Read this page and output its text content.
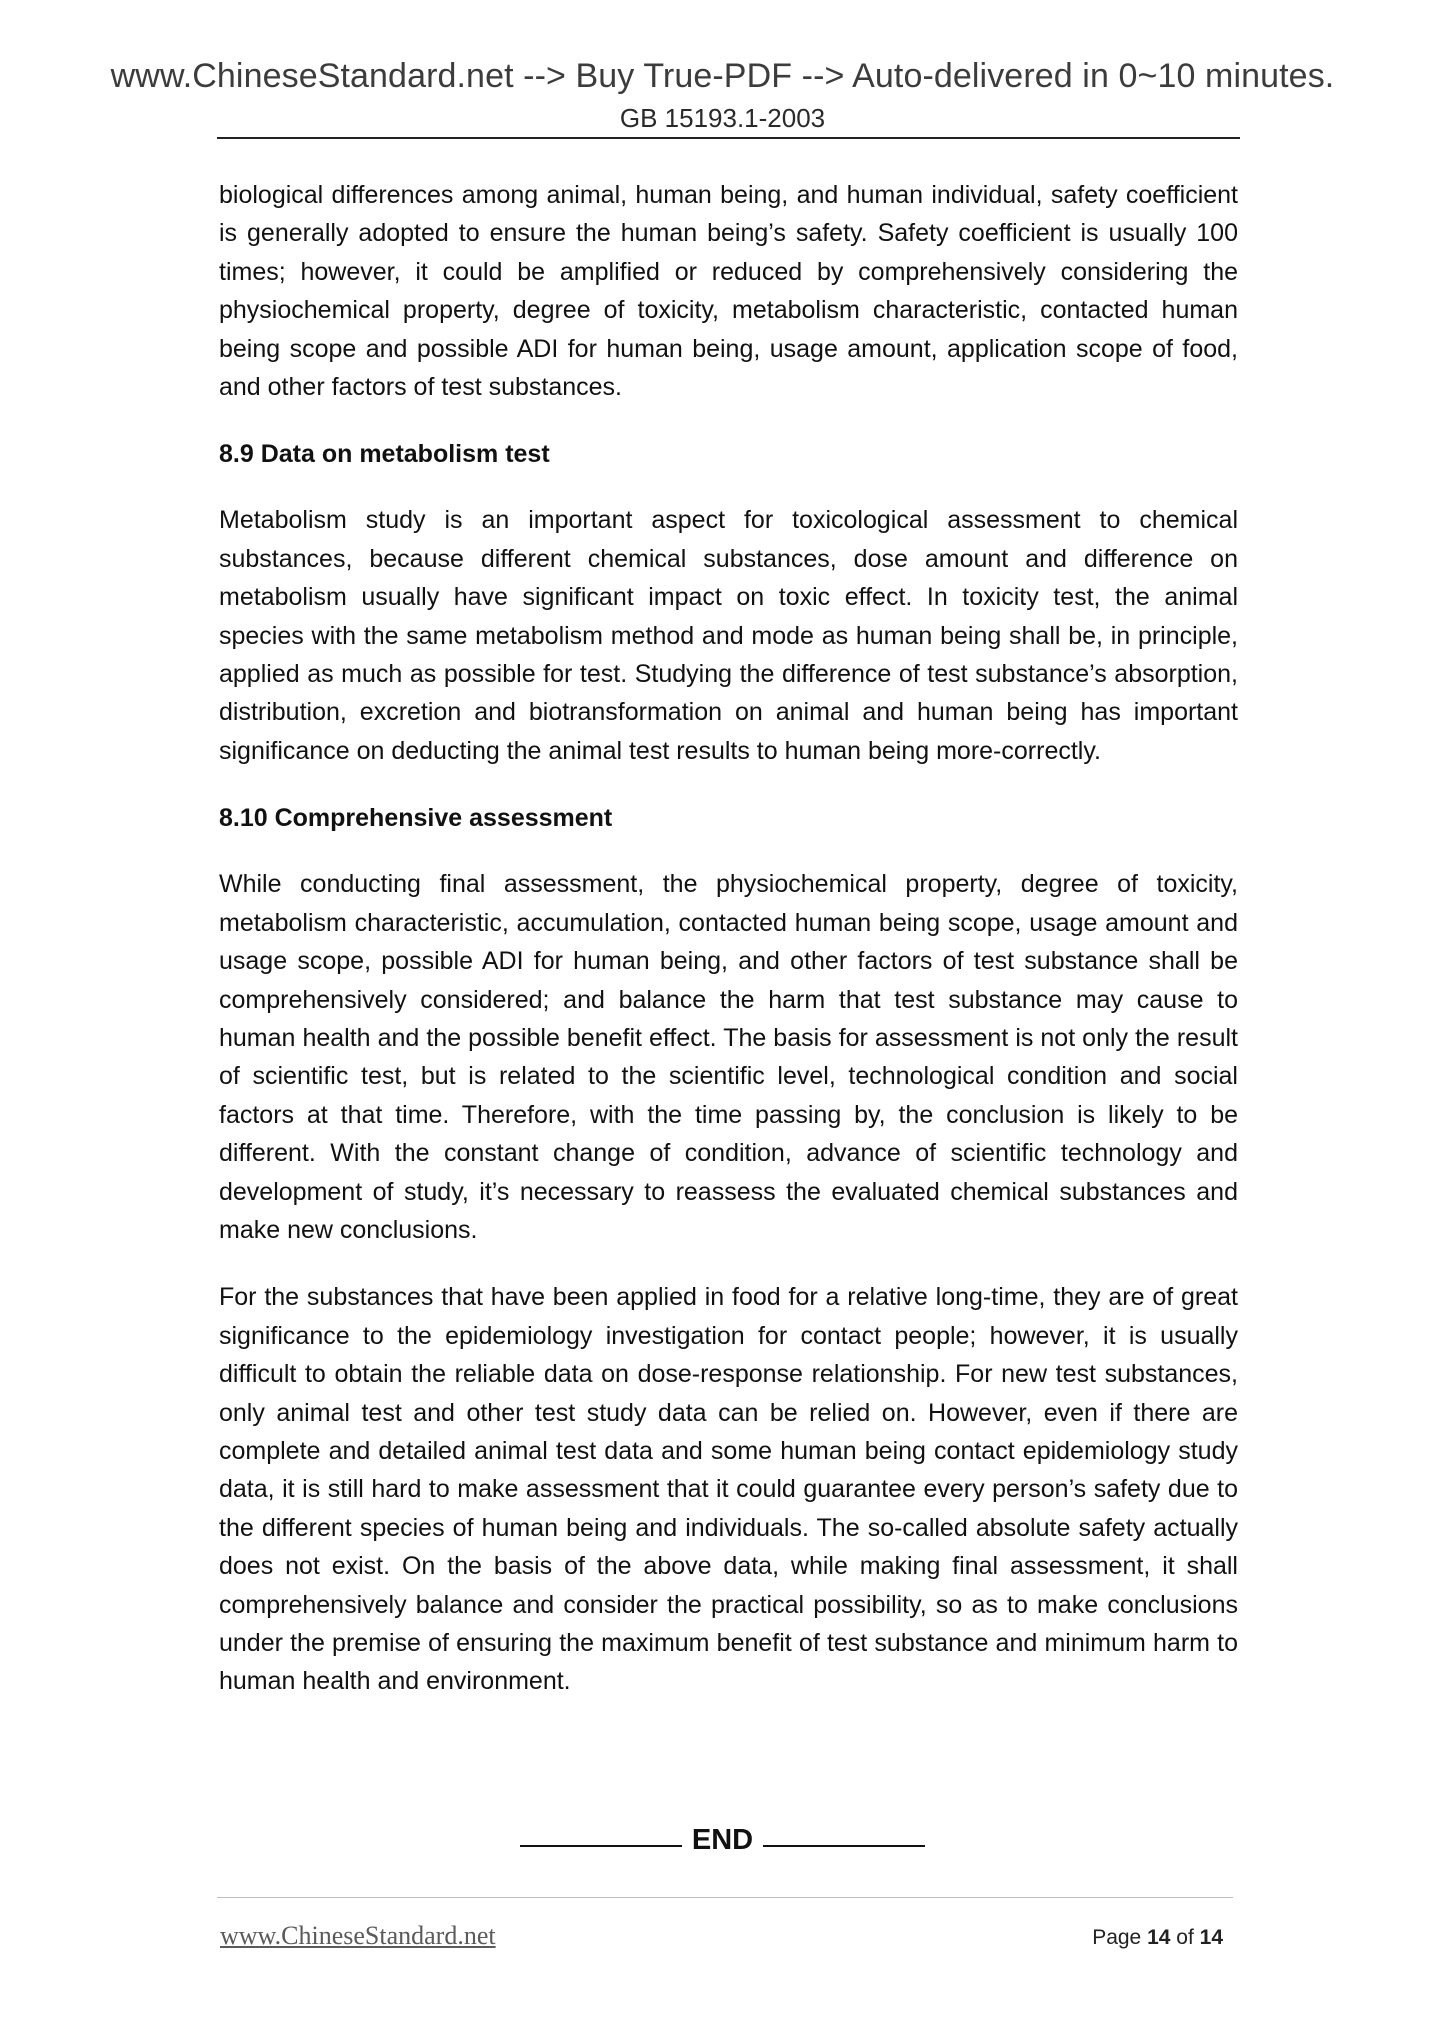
www.ChineseStandard.net --> Buy True-PDF --> Auto-delivered in 0~10 minutes.
GB 15193.1-2003

biological differences among animal, human being, and human individual, safety coefficient is generally adopted to ensure the human being’s safety. Safety coefficient is usually 100 times; however, it could be amplified or reduced by comprehensively considering the physiochemical property, degree of toxicity, metabolism characteristic, contacted human being scope and possible ADI for human being, usage amount, application scope of food, and other factors of test substances.

8.9 Data on metabolism test

Metabolism study is an important aspect for toxicological assessment to chemical substances, because different chemical substances, dose amount and difference on metabolism usually have significant impact on toxic effect. In toxicity test, the animal species with the same metabolism method and mode as human being shall be, in principle, applied as much as possible for test. Studying the difference of test substance’s absorption, distribution, excretion and biotransformation on animal and human being has important significance on deducting the animal test results to human being more-correctly.

8.10 Comprehensive assessment

While conducting final assessment, the physiochemical property, degree of toxicity, metabolism characteristic, accumulation, contacted human being scope, usage amount and usage scope, possible ADI for human being, and other factors of test substance shall be comprehensively considered; and balance the harm that test substance may cause to human health and the possible benefit effect. The basis for assessment is not only the result of scientific test, but is related to the scientific level, technological condition and social factors at that time. Therefore, with the time passing by, the conclusion is likely to be different. With the constant change of condition, advance of scientific technology and development of study, it’s necessary to reassess the evaluated chemical substances and make new conclusions.

For the substances that have been applied in food for a relative long-time, they are of great significance to the epidemiology investigation for contact people; however, it is usually difficult to obtain the reliable data on dose-response relationship. For new test substances, only animal test and other test study data can be relied on. However, even if there are complete and detailed animal test data and some human being contact epidemiology study data, it is still hard to make assessment that it could guarantee every person’s safety due to the different species of human being and individuals. The so-called absolute safety actually does not exist. On the basis of the above data, while making final assessment, it shall comprehensively balance and consider the practical possibility, so as to make conclusions under the premise of ensuring the maximum benefit of test substance and minimum harm to human health and environment.

END
www.ChineseStandard.net	Page 14 of 14
